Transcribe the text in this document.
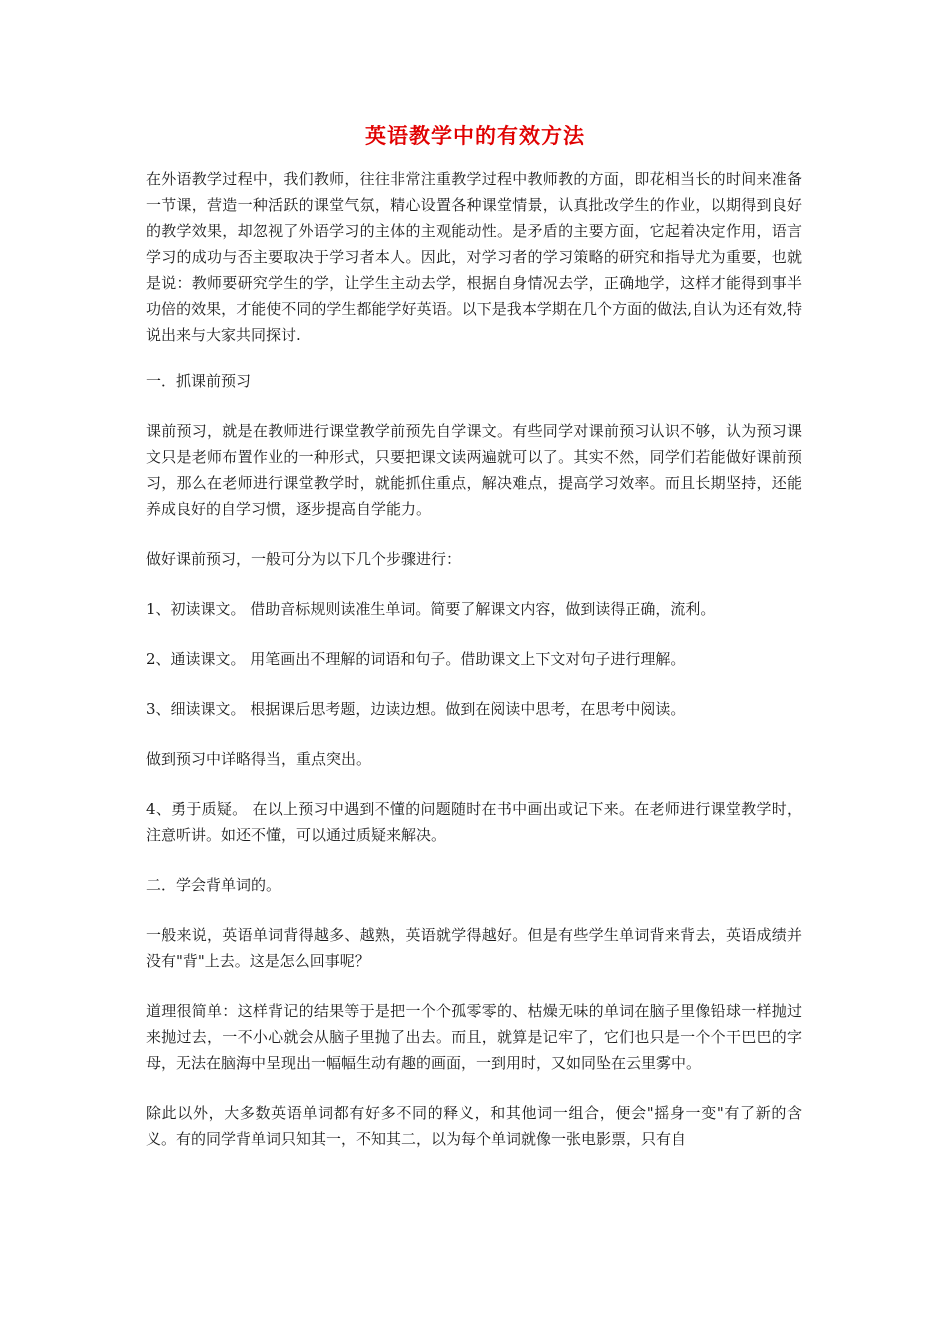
英语教学中的有效方法

在外语教学过程中，我们教师，往往非常注重教学过程中教师教的方面，即花相当长的时间来准备一节课，营造一种活跃的课堂气氛，精心设置各种课堂情景，认真批改学生的作业，以期得到良好的教学效果，却忽视了外语学习的主体的主观能动性。是矛盾的主要方面，它起着决定作用，语言学习的成功与否主要取决于学习者本人。因此，对学习者的学习策略的研究和指导尤为重要，也就是说：教师要研究学生的学，让学生主动去学，根据自身情况去学，正确地学，这样才能得到事半功倍的效果，才能使不同的学生都能学好英语。以下是我本学期在几个方面的做法,自认为还有效,特说出来与大家共同探讨.

一．抓课前预习

课前预习，就是在教师进行课堂教学前预先自学课文。有些同学对课前预习认识不够，认为预习课文只是老师布置作业的一种形式，只要把课文读两遍就可以了。其实不然，同学们若能做好课前预习，那么在老师进行课堂教学时，就能抓住重点，解决难点，提高学习效率。而且长期坚持，还能养成良好的自学习惯，逐步提高自学能力。

做好课前预习，一般可分为以下几个步骤进行：

1、初读课文。 借助音标规则读准生单词。简要了解课文内容，做到读得正确，流利。

2、通读课文。 用笔画出不理解的词语和句子。借助课文上下文对句子进行理解。

3、细读课文。 根据课后思考题，边读边想。做到在阅读中思考，在思考中阅读。

做到预习中详略得当，重点突出。

4、勇于质疑。 在以上预习中遇到不懂的问题随时在书中画出或记下来。在老师进行课堂教学时，注意听讲。如还不懂，可以通过质疑来解决。

二．学会背单词的。

一般来说，英语单词背得越多、越熟，英语就学得越好。但是有些学生单词背来背去，英语成绩并没有"背"上去。这是怎么回事呢？

道理很简单：这样背记的结果等于是把一个个孤零零的、枯燥无味的单词在脑子里像铅球一样抛过来抛过去，一不小心就会从脑子里抛了出去。而且，就算是记牢了，它们也只是一个个干巴巴的字母，无法在脑海中呈现出一幅幅生动有趣的画面，一到用时，又如同坠在云里雾中。

除此以外，大多数英语单词都有好多不同的释义，和其他词一组合，便会"摇身一变"有了新的含义。有的同学背单词只知其一，不知其二，以为每个单词就像一张电影票，只有自
